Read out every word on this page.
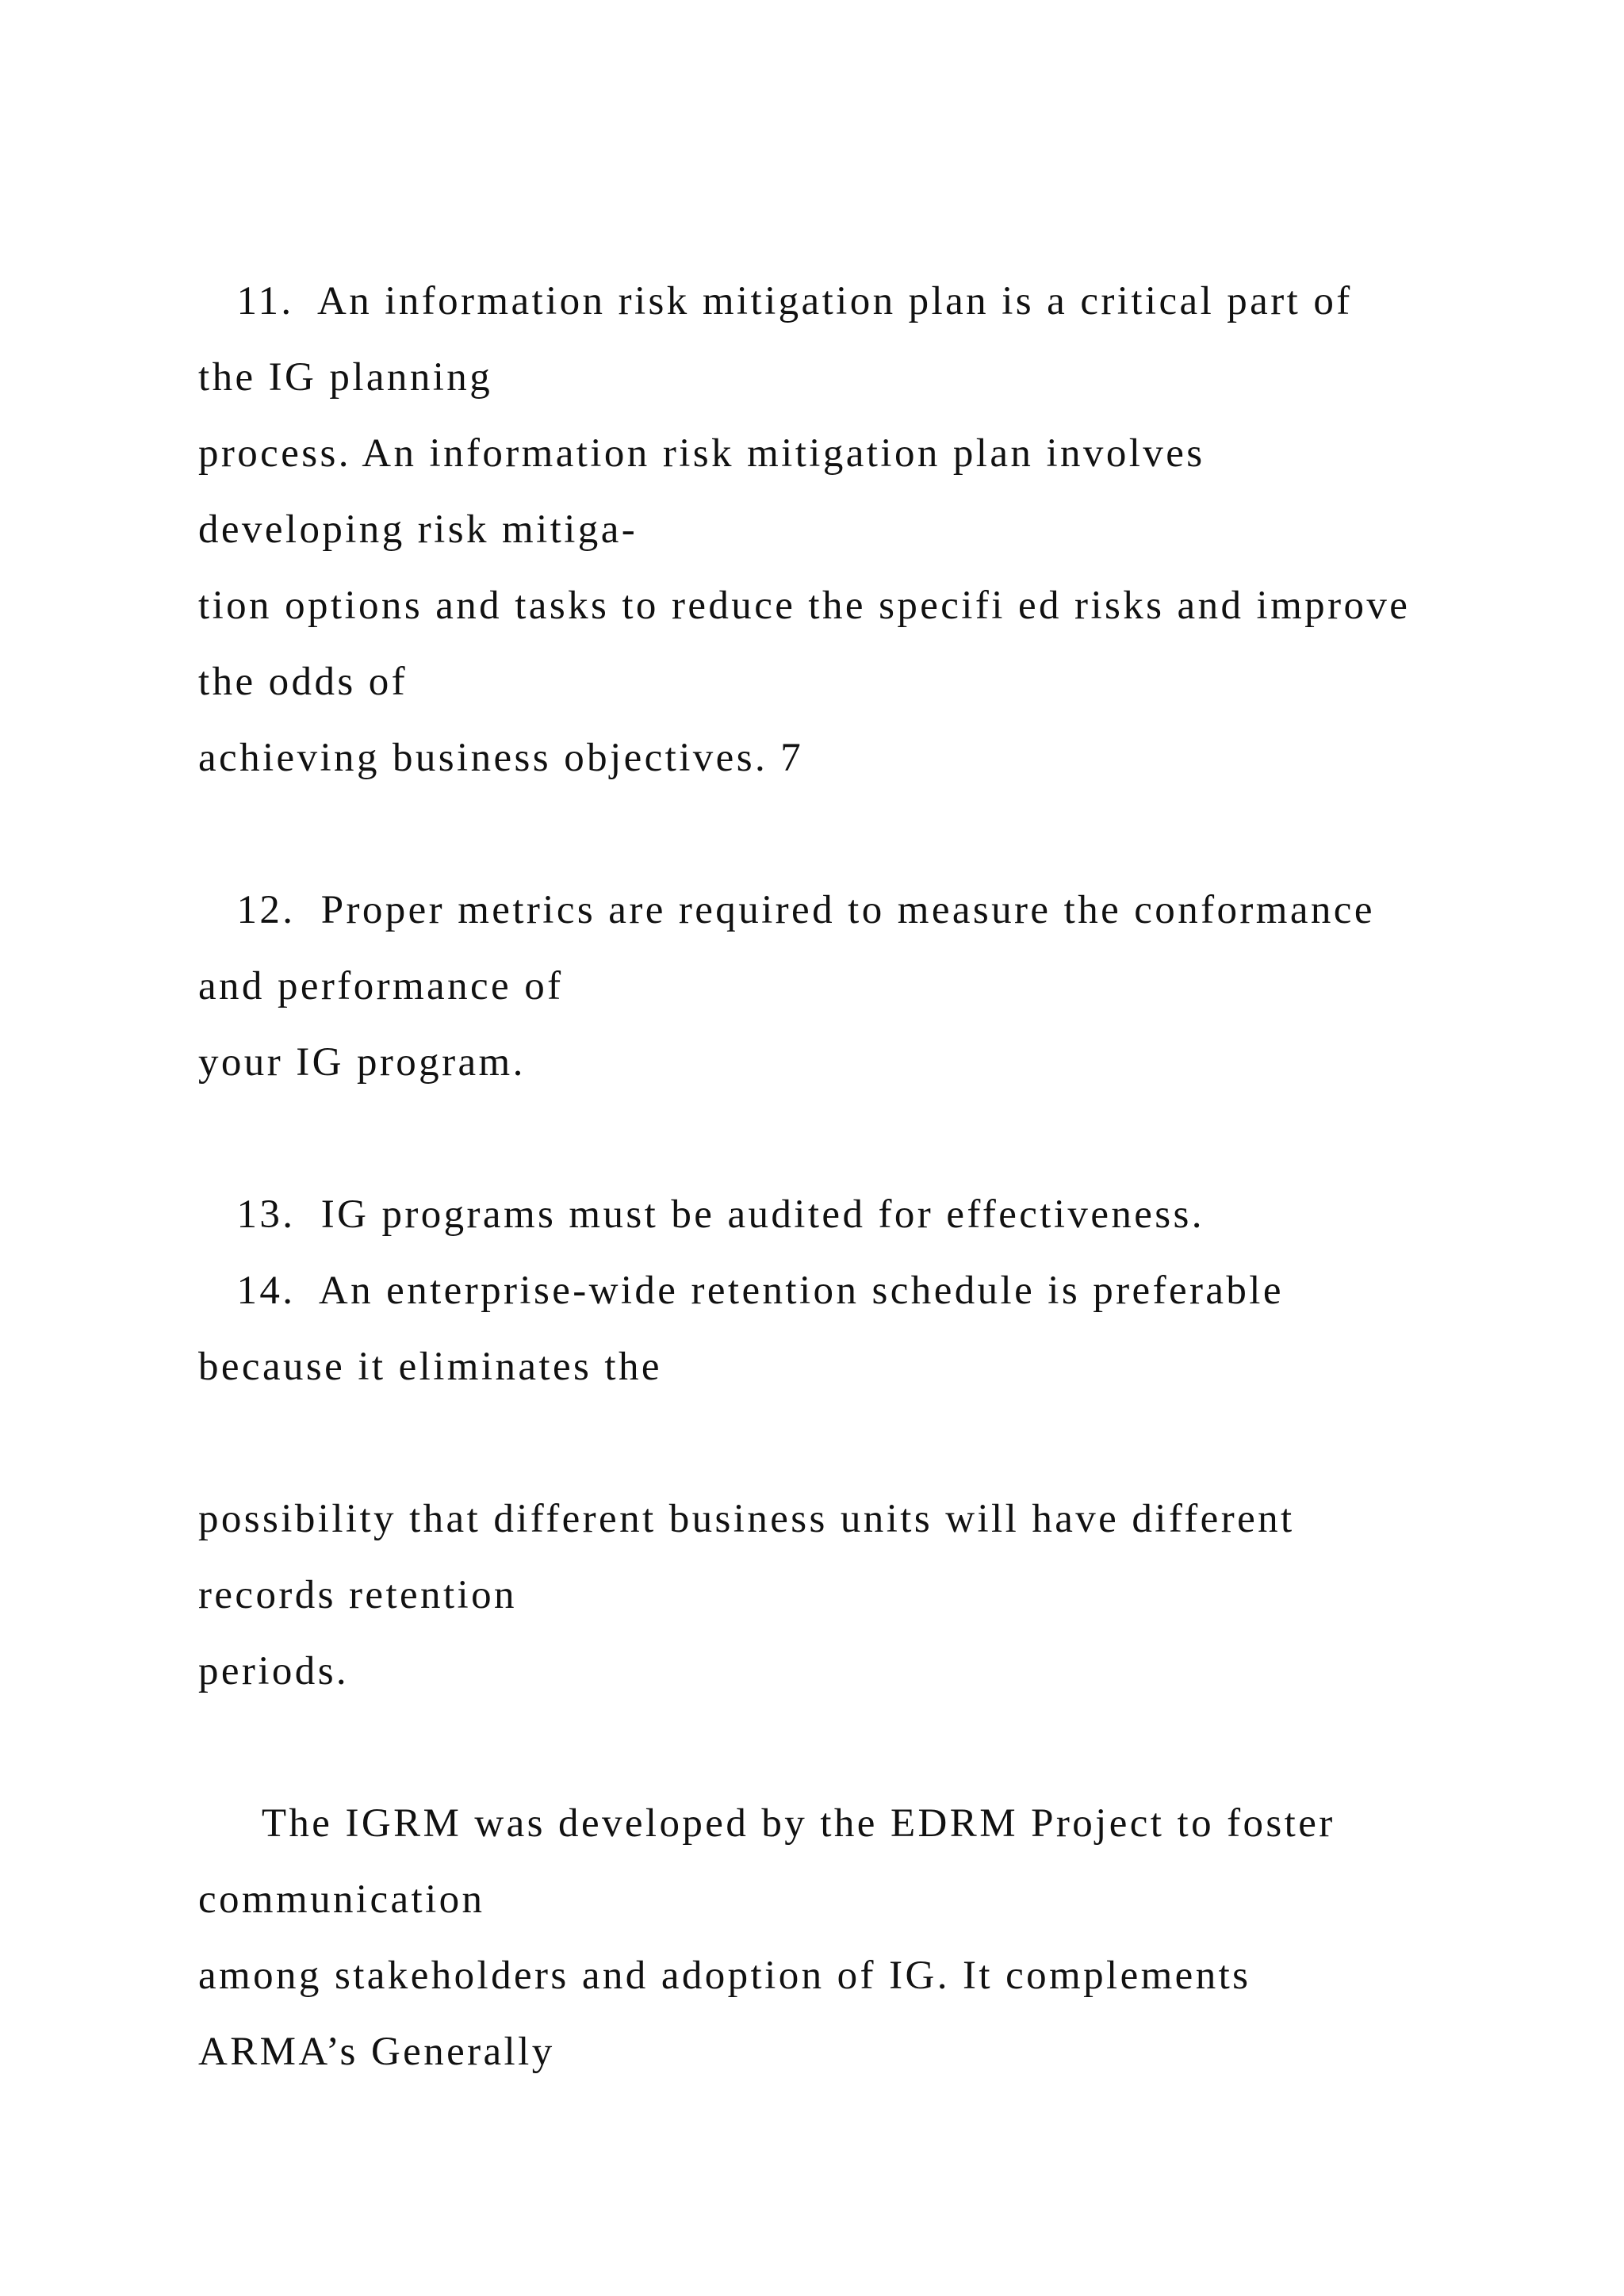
11.  An information risk mitigation plan is a critical part of
the IG planning
process. An information risk mitigation plan involves
developing risk mitiga-
tion options and tasks to reduce the specifi ed risks and improve
the odds of
achieving business objectives. 7
12.  Proper metrics are required to measure the conformance
and performance of
your IG program.
13.  IG programs must be audited for effectiveness.
14.  An enterprise-wide retention schedule is preferable
because it eliminates the
possibility that different business units will have different
records retention
periods.
The IGRM was developed by the EDRM Project to foster
communication
among stakeholders and adoption of IG. It complements
ARMA’s Generally
